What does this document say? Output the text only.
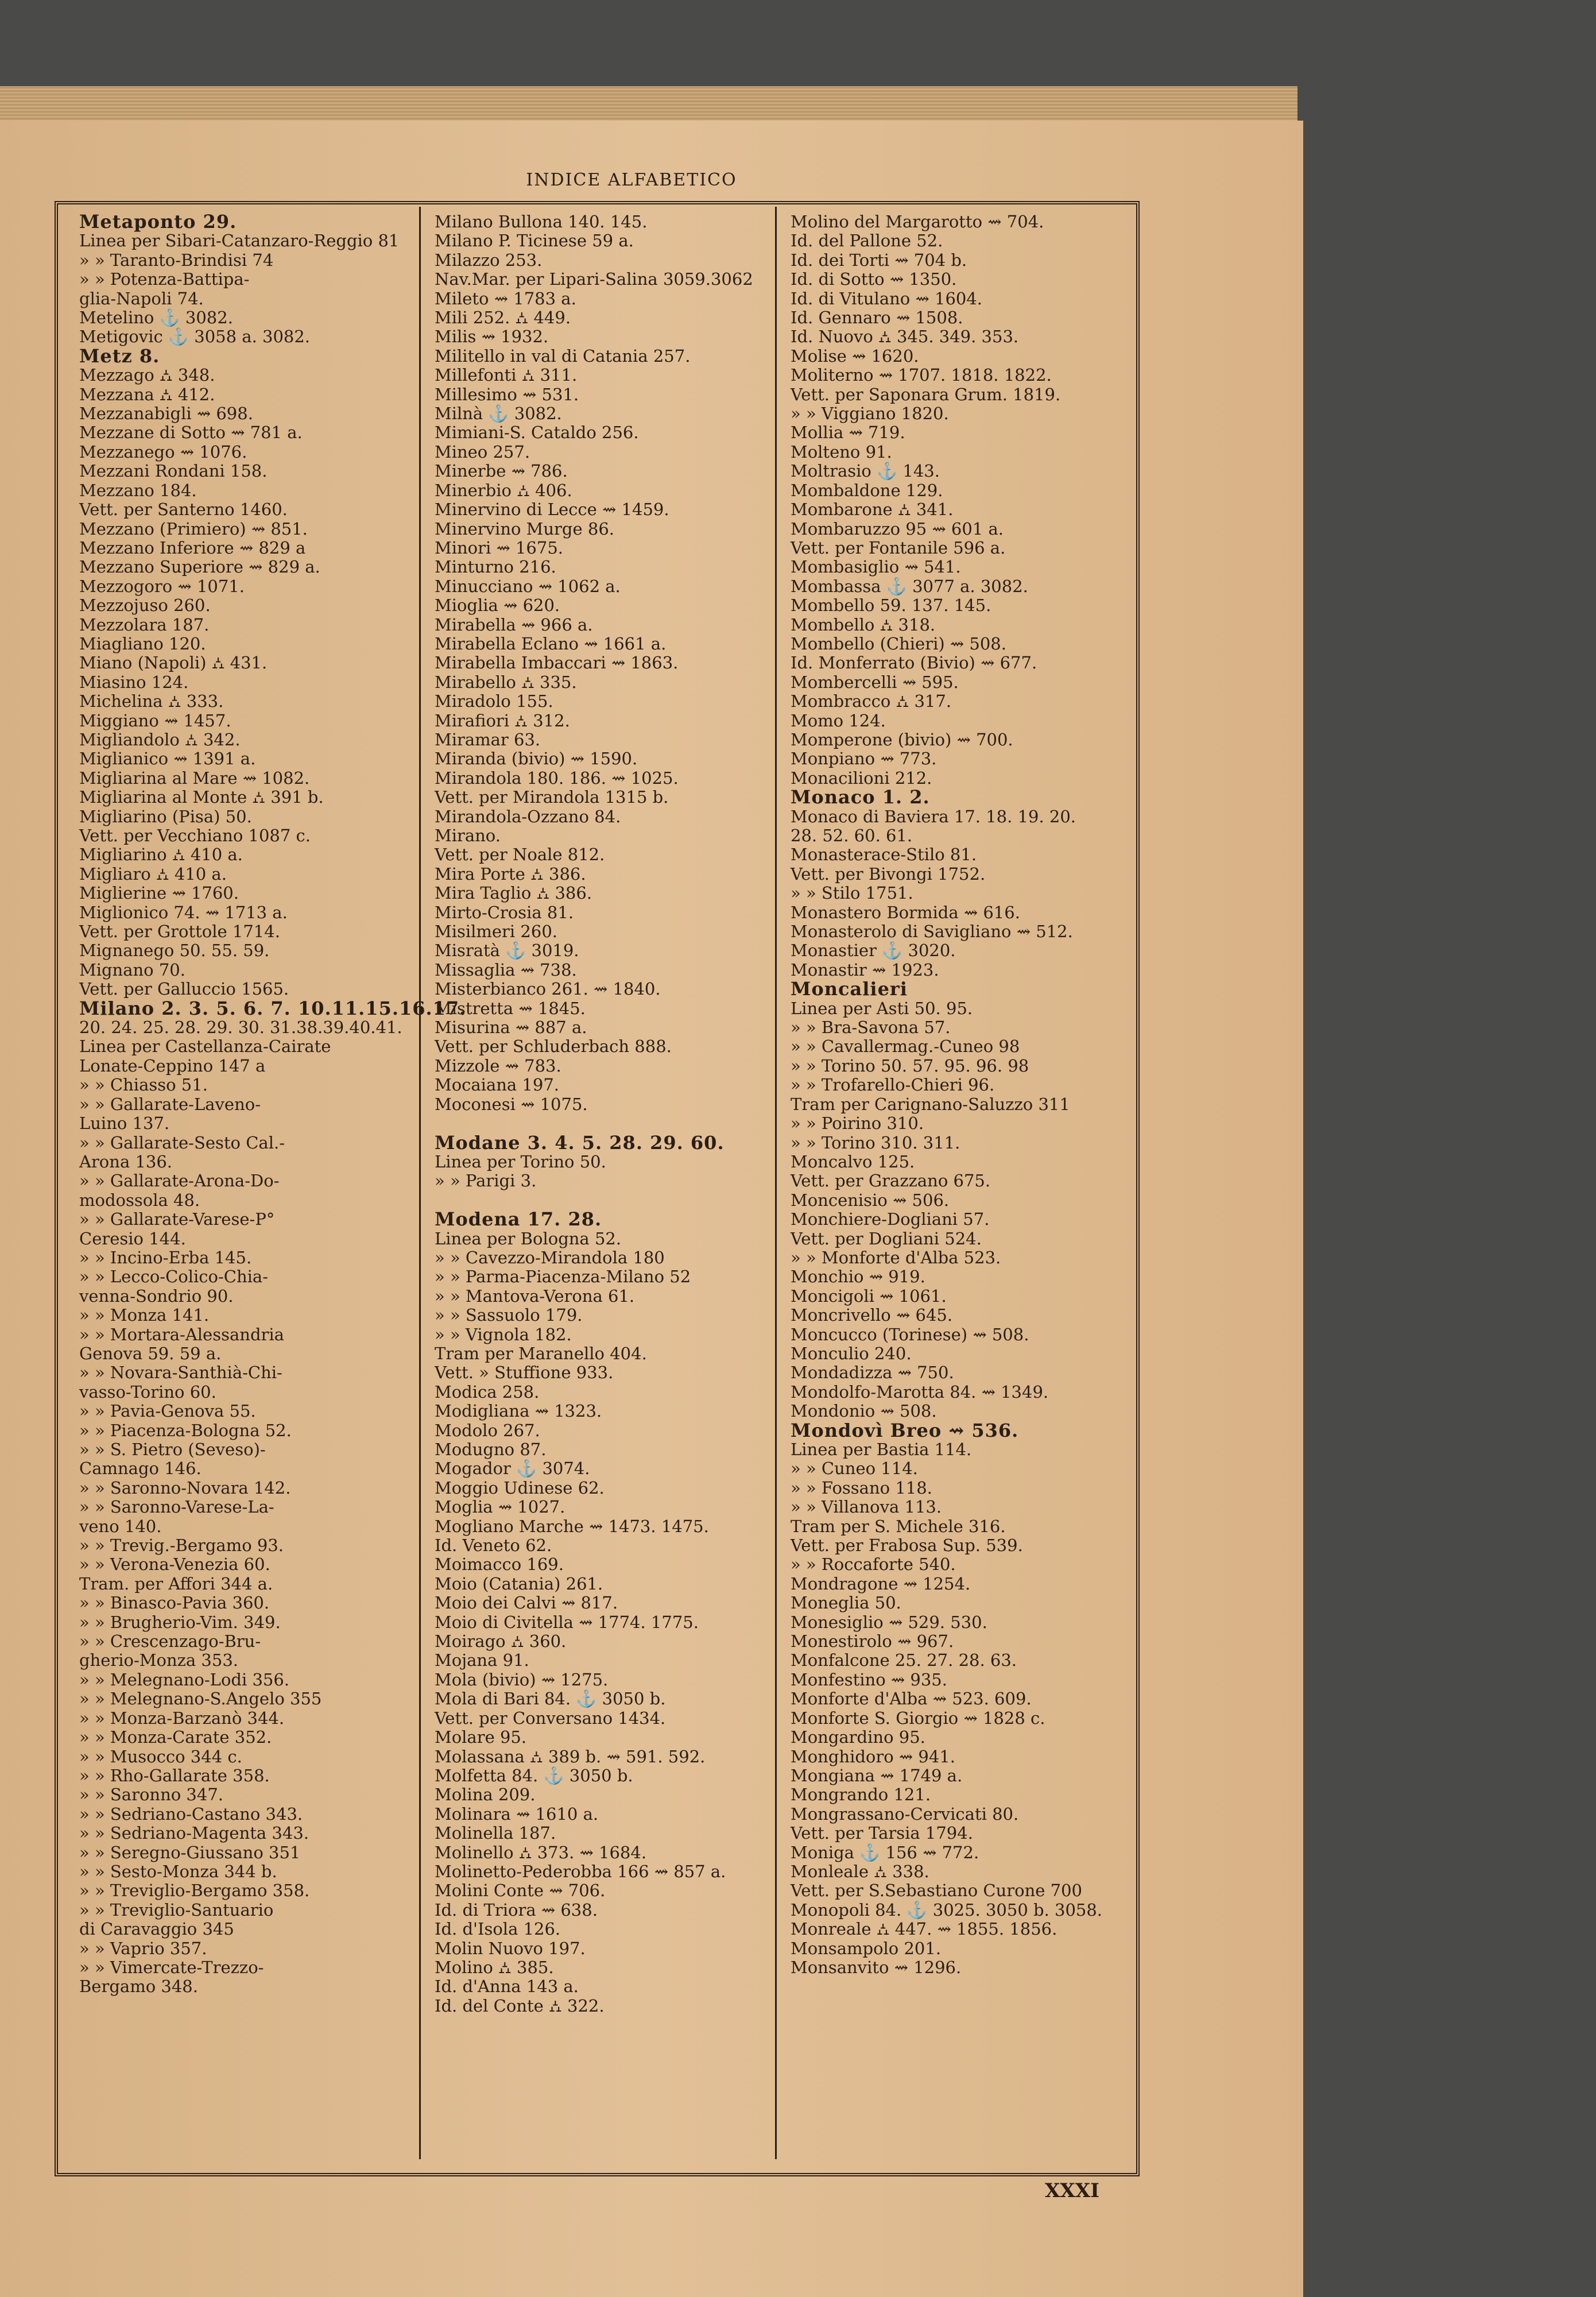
INDICE ALFABETICO
Metaponto 29.
Linea per Sibari-Catanzaro-Reggio 81
» » Taranto-Brindisi 74
» » Potenza-Battipa-
glia-Napoli 74.
Metelino ⚓ 3082.
Metigovic ⚓ 3058 a. 3082.
Metz 8.
Mezzago ⛼ 348.
Mezzana ⛼ 412.
Mezzanabigli ⇝ 698.
Mezzane di Sotto ⇝ 781 a.
Mezzanego ⇝ 1076.
Mezzani Rondani 158.
Mezzano 184.
Vett. per Santerno 1460.
Mezzano (Primiero) ⇝ 851.
Mezzano Inferiore ⇝ 829 a
Mezzano Superiore ⇝ 829 a.
Mezzogoro ⇝ 1071.
Mezzojuso 260.
Mezzolara 187.
Miagliano 120.
Miano (Napoli) ⛼ 431.
Miasino 124.
Michelina ⛼ 333.
Miggiano ⇝ 1457.
Migliandolo ⛼ 342.
Miglianico ⇝ 1391 a.
Migliarina al Mare ⇝ 1082.
Migliarina al Monte ⛼ 391 b.
Migliarino (Pisa) 50.
Vett. per Vecchiano 1087 c.
Migliarino ⛼ 410 a.
Migliaro ⛼ 410 a.
Miglierine ⇝ 1760.
Miglionico 74. ⇝ 1713 a.
Vett. per Grottole 1714.
Mignanego 50. 55. 59.
Mignano 70.
Vett. per Galluccio 1565.
Milano 2. 3. 5. 6. 7. 10.11.15.16.17.
20. 24. 25. 28. 29. 30. 31.38.39.40.41.
Linea per Castellanza-Cairate
Lonate-Ceppino 147 a
» » Chiasso 51.
» » Gallarate-Laveno-
Luino 137.
» » Gallarate-Sesto Cal.-
Arona 136.
» » Gallarate-Arona-Do-
modossola 48.
» » Gallarate-Varese-P°
Ceresio 144.
» » Incino-Erba 145.
» » Lecco-Colico-Chia-
venna-Sondrio 90.
» » Monza 141.
» » Mortara-Alessandria
Genova 59. 59 a.
» » Novara-Santhià-Chi-
vasso-Torino 60.
» » Pavia-Genova 55.
» » Piacenza-Bologna 52.
» » S. Pietro (Seveso)-
Camnago 146.
» » Saronno-Novara 142.
» » Saronno-Varese-La-
veno 140.
» » Trevig.-Bergamo 93.
» » Verona-Venezia 60.
Tram. per Affori 344 a.
» » Binasco-Pavia 360.
» » Brugherio-Vim. 349.
» » Crescenzago-Bru-
gherio-Monza 353.
» » Melegnano-Lodi 356.
» » Melegnano-S.Angelo 355
» » Monza-Barzanò 344.
» » Monza-Carate 352.
» » Musocco 344 c.
» » Rho-Gallarate 358.
» » Saronno 347.
» » Sedriano-Castano 343.
» » Sedriano-Magenta 343.
» » Seregno-Giussano 351
» » Sesto-Monza 344 b.
» » Treviglio-Bergamo 358.
» » Treviglio-Santuario
di Caravaggio 345
» » Vaprio 357.
» » Vimercate-Trezzo-
Bergamo 348.
Milano Bullona 140. 145.
Milano P. Ticinese 59 a.
Milazzo 253.
Nav.Mar. per Lipari-Salina 3059.3062
Mileto ⇝ 1783 a.
Mili 252. ⛼ 449.
Milis ⇝ 1932.
Militello in val di Catania 257.
Millefonti ⛼ 311.
Millesimo ⇝ 531.
Milnà ⚓ 3082.
Mimiani-S. Cataldo 256.
Mineo 257.
Minerbe ⇝ 786.
Minerbio ⛼ 406.
Minervino di Lecce ⇝ 1459.
Minervino Murge 86.
Minori ⇝ 1675.
Minturno 216.
Minucciano ⇝ 1062 a.
Mioglia ⇝ 620.
Mirabella ⇝ 966 a.
Mirabella Eclano ⇝ 1661 a.
Mirabella Imbaccari ⇝ 1863.
Mirabello ⛼ 335.
Miradolo 155.
Mirafiori ⛼ 312.
Miramar 63.
Miranda (bivio) ⇝ 1590.
Mirandola 180. 186. ⇝ 1025.
Vett. per Mirandola 1315 b.
Mirandola-Ozzano 84.
Mirano.
Vett. per Noale 812.
Mira Porte ⛼ 386.
Mira Taglio ⛼ 386.
Mirto-Crosia 81.
Misilmeri 260.
Misratà ⚓ 3019.
Missaglia ⇝ 738.
Misterbianco 261. ⇝ 1840.
Mistretta ⇝ 1845.
Misurina ⇝ 887 a.
Vett. per Schluderbach 888.
Mizzole ⇝ 783.
Mocaiana 197.
Moconesi ⇝ 1075.

Modane 3. 4. 5. 28. 29. 60.
Linea per Torino 50.
» » Parigi 3.

Modena 17. 28.
Linea per Bologna 52.
» » Cavezzo-Mirandola 180
» » Parma-Piacenza-Milano 52
» » Mantova-Verona 61.
» » Sassuolo 179.
» » Vignola 182.
Tram per Maranello 404.
Vett. » Stuffione 933.
Modica 258.
Modigliana ⇝ 1323.
Modolo 267.
Modugno 87.
Mogador ⚓ 3074.
Moggio Udinese 62.
Moglia ⇝ 1027.
Mogliano Marche ⇝ 1473. 1475.
Id. Veneto 62.
Moimacco 169.
Moio (Catania) 261.
Moio dei Calvi ⇝ 817.
Moio di Civitella ⇝ 1774. 1775.
Moirago ⛼ 360.
Mojana 91.
Mola (bivio) ⇝ 1275.
Mola di Bari 84. ⚓ 3050 b.
Vett. per Conversano 1434.
Molare 95.
Molassana ⛼ 389 b. ⇝ 591. 592.
Molfetta 84. ⚓ 3050 b.
Molina 209.
Molinara ⇝ 1610 a.
Molinella 187.
Molinello ⛼ 373. ⇝ 1684.
Molinetto-Pederobba 166 ⇝ 857 a.
Molini Conte ⇝ 706.
Id. di Triora ⇝ 638.
Id. d'Isola 126.
Molin Nuovo 197.
Molino ⛼ 385.
Id. d'Anna 143 a.
Id. del Conte ⛼ 322.
Molino del Margarotto ⇝ 704.
Id. del Pallone 52.
Id. dei Torti ⇝ 704 b.
Id. di Sotto ⇝ 1350.
Id. di Vitulano ⇝ 1604.
Id. Gennaro ⇝ 1508.
Id. Nuovo ⛼ 345. 349. 353.
Molise ⇝ 1620.
Moliterno ⇝ 1707. 1818. 1822.
Vett. per Saponara Grum. 1819.
» » Viggiano 1820.
Mollia ⇝ 719.
Molteno 91.
Moltrasio ⚓ 143.
Mombaldone 129.
Mombarone ⛼ 341.
Mombaruzzo 95 ⇝ 601 a.
Vett. per Fontanile 596 a.
Mombasiglio ⇝ 541.
Mombassa ⚓ 3077 a. 3082.
Mombello 59. 137. 145.
Mombello ⛼ 318.
Mombello (Chieri) ⇝ 508.
Id. Monferrato (Bivio) ⇝ 677.
Mombercelli ⇝ 595.
Mombracco ⛼ 317.
Momo 124.
Momperone (bivio) ⇝ 700.
Monpiano ⇝ 773.
Monacilioni 212.
Monaco 1. 2.
Monaco di Baviera 17. 18. 19. 20.
28. 52. 60. 61.
Monasterace-Stilo 81.
Vett. per Bivongi 1752.
» » Stilo 1751.
Monastero Bormida ⇝ 616.
Monasterolo di Savigliano ⇝ 512.
Monastier ⚓ 3020.
Monastir ⇝ 1923.
Moncalieri
Linea per Asti 50. 95.
» » Bra-Savona 57.
» » Cavallermag.-Cuneo 98
» » Torino 50. 57. 95. 96. 98
» » Trofarello-Chieri 96.
Tram per Carignano-Saluzzo 311
» » Poirino 310.
» » Torino 310. 311.
Moncalvo 125.
Vett. per Grazzano 675.
Moncenisio ⇝ 506.
Monchiere-Dogliani 57.
Vett. per Dogliani 524.
» » Monforte d'Alba 523.
Monchio ⇝ 919.
Moncigoli ⇝ 1061.
Moncrivello ⇝ 645.
Moncucco (Torinese) ⇝ 508.
Monculio 240.
Mondadizza ⇝ 750.
Mondolfo-Marotta 84. ⇝ 1349.
Mondonio ⇝ 508.
Mondovì Breo ⇝ 536.
Linea per Bastia 114.
» » Cuneo 114.
» » Fossano 118.
» » Villanova 113.
Tram per S. Michele 316.
Vett. per Frabosa Sup. 539.
» » Roccaforte 540.
Mondragone ⇝ 1254.
Moneglia 50.
Monesiglio ⇝ 529. 530.
Monestirolo ⇝ 967.
Monfalcone 25. 27. 28. 63.
Monfestino ⇝ 935.
Monforte d'Alba ⇝ 523. 609.
Monforte S. Giorgio ⇝ 1828 c.
Mongardino 95.
Monghidoro ⇝ 941.
Mongiana ⇝ 1749 a.
Mongrando 121.
Mongrassano-Cervicati 80.
Vett. per Tarsia 1794.
Moniga ⚓ 156 ⇝ 772.
Monleale ⛼ 338.
Vett. per S.Sebastiano Curone 700
Monopoli 84. ⚓ 3025. 3050 b. 3058.
Monreale ⛼ 447. ⇝ 1855. 1856.
Monsampolo 201.
Monsanvito ⇝ 1296.
XXXI
